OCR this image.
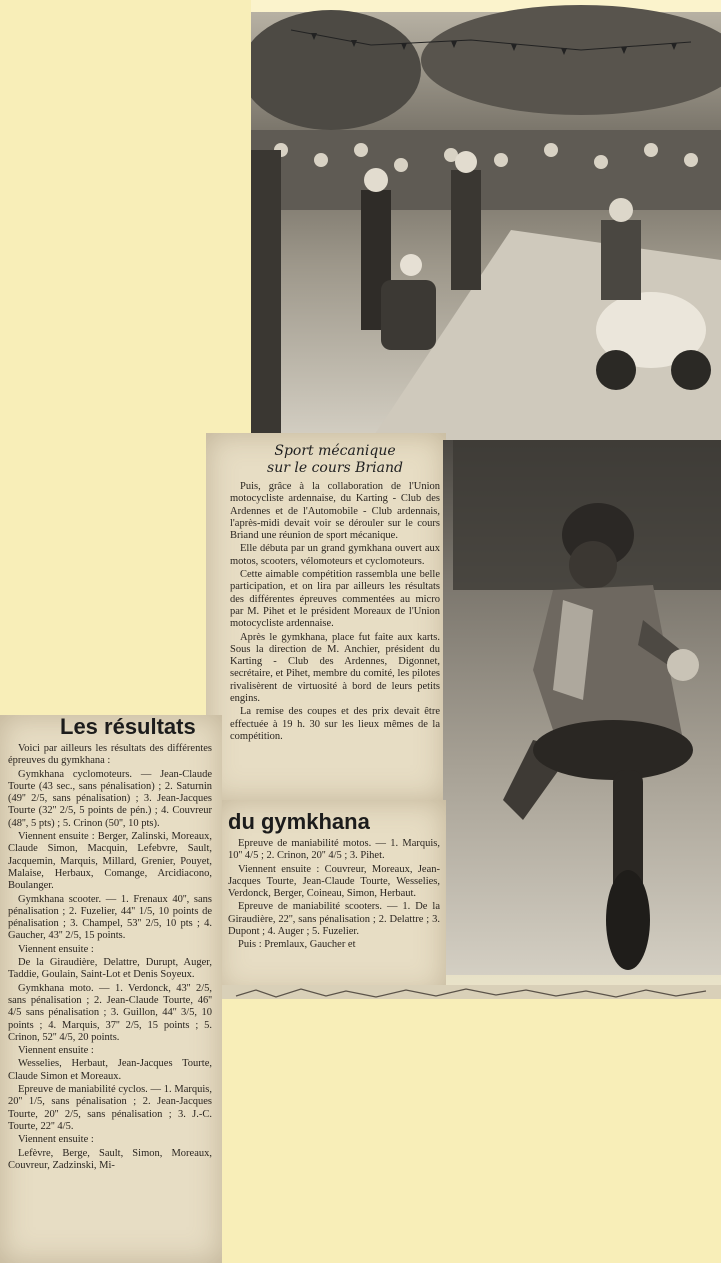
Sport mécanique

sur le cours Briand

Puis, grâce à la collaboration de l'Union motocycliste ardennaise, du Karting - Club des Ardennes et de l'Automobile - Club ardennais, l'après-midi devait voir se dérouler sur le cours Briand une réunion de sport mécanique.

Elle débuta par un grand gymkhana ouvert aux motos, scooters, vélomoteurs et cyclomoteurs.

Cette aimable compétition rassembla une belle participation, et on lira par ailleurs les résultats des différentes épreuves commentées au micro par M. Pihet et le président Moreaux de l'Union motocycliste ardennaise.

Après le gymkhana, place fut faite aux karts. Sous la direction de M. Anchier, président du Karting - Club des Ardennes, Digonnet, secrétaire, et Pihet, membre du comité, les pilotes rivalisèrent de virtuosité à bord de leurs petits engins.

La remise des coupes et des prix devait être effectuée à 19 h. 30 sur les lieux mêmes de la compétition.

du gymkhana

Epreuve de maniabilité motos. — 1. Marquis, 10'' 4/5 ; 2. Crinon, 20'' 4/5 ; 3. Pihet.

Viennent ensuite : Couvreur, Moreaux, Jean-Jacques Tourte, Jean-Claude Tourte, Wesselies, Verdonck, Berger, Coineau, Simon, Herbaut.

Epreuve de maniabilité scooters. — 1. De la Giraudière, 22'', sans pénalisation ; 2. Delattre ; 3. Dupont ; 4. Auger ; 5. Fuzelier.

Puis : Premlaux, Gaucher et

Les résultats

Voici par ailleurs les résultats des différentes épreuves du gymkhana :

Gymkhana cyclomoteurs. — Jean-Claude Tourte (43 sec., sans pénalisation) ; 2. Saturnin (49'' 2/5, sans pénalisation) ; 3. Jean-Jacques Tourte (32'' 2/5, 5 points de pén.) ; 4. Couvreur (48'', 5 pts) ; 5. Crinon (50'', 10 pts).

Viennent ensuite : Berger, Zalinski, Moreaux, Claude Simon, Macquin, Lefebvre, Sault, Jacquemin, Marquis, Millard, Grenier, Pouyet, Malaise, Herbaux, Comange, Arcidiacono, Boulanger.

Gymkhana scooter. — 1. Frenaux 40'', sans pénalisation ; 2. Fuzelier, 44'' 1/5, 10 points de pénalisation ; 3. Champel, 53'' 2/5, 10 pts ; 4. Gaucher, 43'' 2/5, 15 points.

Viennent ensuite :

De la Giraudière, Delattre, Durupt, Auger, Taddie, Goulain, Saint-Lot et Denis Soyeux.

Gymkhana moto. — 1. Verdonck, 43'' 2/5, sans pénalisation ; 2. Jean-Claude Tourte, 46'' 4/5 sans pénalisation ; 3. Guillon, 44'' 3/5, 10 points ; 4. Marquis, 37'' 2/5, 15 points ; 5. Crinon, 52'' 4/5, 20 points.

Viennent ensuite :

Wesselies, Herbaut, Jean-Jacques Tourte, Claude Simon et Moreaux.

Epreuve de maniabilité cyclos. — 1. Marquis, 20'' 1/5, sans pénalisation ; 2. Jean-Jacques Tourte, 20'' 2/5, sans pénalisation ; 3. J.-C. Tourte, 22'' 4/5.

Viennent ensuite :

Lefèvre, Berge, Sault, Simon, Moreaux, Couvreur, Zadzinski, Mi-
